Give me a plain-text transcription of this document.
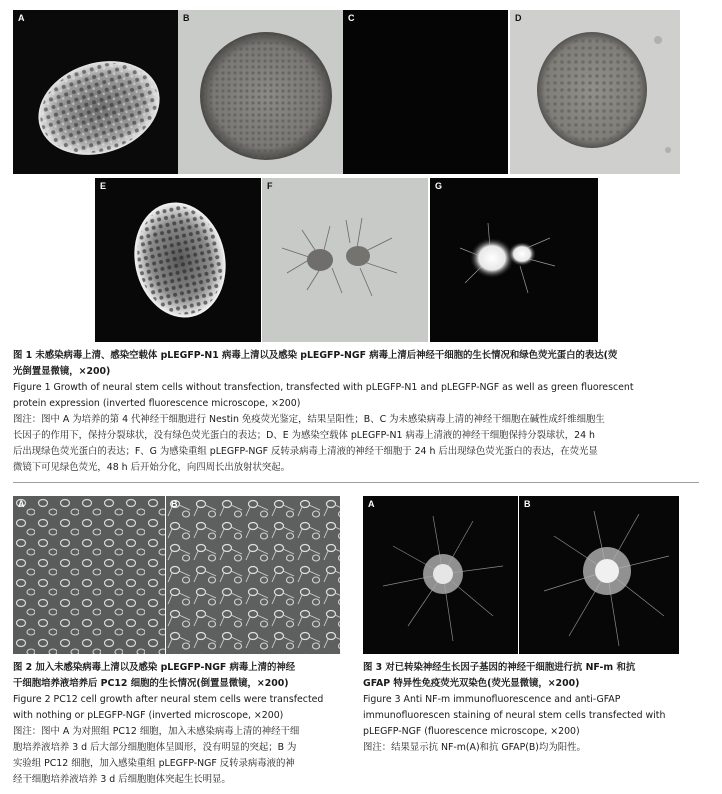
A	B	C	D
E	F	G
图 1 未感染病毒上清、感染空载体 pLEGFP-N1 病毒上清以及感染 pLEGFP-NGF 病毒上清后神经干细胞的生长情况和绿色荧光蛋白的表达(荧
光倒置显微镜，×200)
Figure 1 Growth of neural stem cells without transfection, transfected with pLEGFP-N1 and pLEGFP-NGF as well as green fluorescent
protein expression (inverted fluorescence microscope, ×200)
图注：图中 A 为培养的第 4 代神经干细胞进行 Nestin 免疫荧光鉴定，结果呈阳性；B、C 为未感染病毒上清的神经干细胞在碱性成纤维细胞生
长因子的作用下，保持分裂球状，没有绿色荧光蛋白的表达；D、E 为感染空载体 pLEGFP-N1 病毒上清液的神经干细胞保持分裂球状，24 h
后出现绿色荧光蛋白的表达；F、G 为感染重组 pLEGFP-NGF 反转录病毒上清液的神经干细胞于 24 h 后出现绿色荧光蛋白的表达，在荧光显
微镜下可见绿色荧光，48 h 后开始分化，向四周长出放射状突起。
A	B
图 2 加入未感染病毒上清以及感染 pLEGFP-NGF 病毒上清的神经
干细胞培养液培养后 PC12 细胞的生长情况(倒置显微镜，×200)
Figure 2 PC12 cell growth after neural stem cells were transfected
with nothing or pLEGFP-NGF (inverted microscope, ×200)
图注：图中 A 为对照组 PC12 细胞，加入未感染病毒上清的神经干细
胞培养液培养 3 d 后大部分细胞胞体呈圆形，没有明显的突起；B 为
实验组 PC12 细胞，加入感染重组 pLEGFP-NGF 反转录病毒液的神
经干细胞培养液培养 3 d 后细胞胞体突起生长明显。
A	B
图 3 对已转染神经生长因子基因的神经干细胞进行抗 NF-m 和抗
GFAP 特异性免疫荧光双染色(荧光显微镜，×200)
Figure 3 Anti NF-m immunofluorescence and anti-GFAP
immunofluorescen staining of neural stem cells transfected with
pLEGFP-NGF (fluorescence microscope, ×200)
图注：结果显示抗 NF-m(A)和抗 GFAP(B)均为阳性。
